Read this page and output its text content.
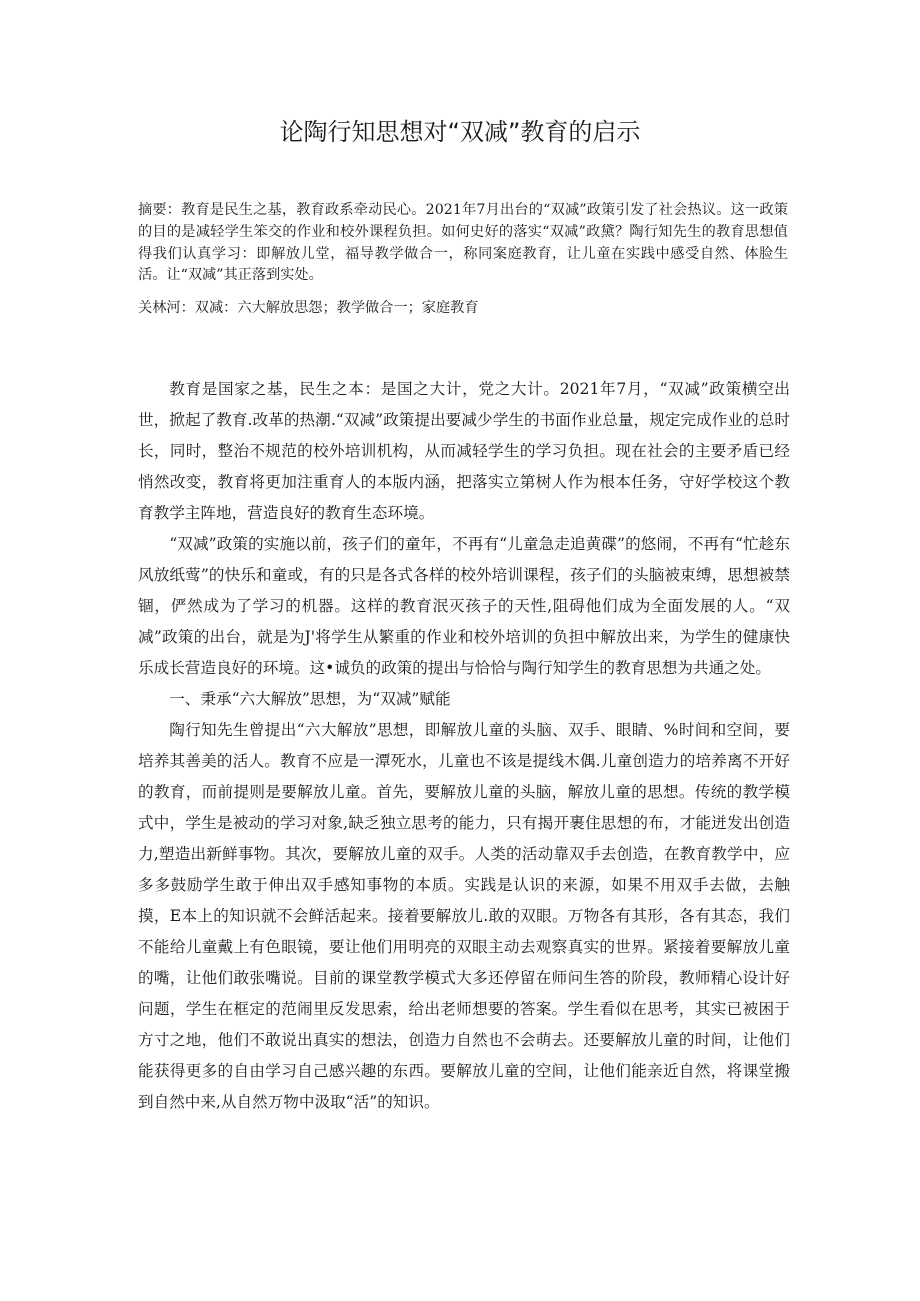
论陶行知思想对“双减”教育的启示

摘要：教育是民生之基，教育政系牵动民心。2021年7月出台的“双减”政策引发了社会热议。这一政策的目的是减轻学生笨交的作业和校外课程负担。如何史好的落实“双减”政黛？陶行知先生的教育思想值得我们认真学习：即解放儿堂，福导教学做合一，称同案庭教育，让儿童在实践中感受自然、体脸生活。让“双减”其正落到实处。

关林河：双减：六大解放思怨；教学做合一；家庭教育

教育是国家之基，民生之本：是国之大计，党之大计。2021年7月，“双减”政策横空出世，掀起了教育.改革的热潮.“双减”政策提出要减少学生的书面作业总量，规定完成作业的总时长，同时，整治不规范的校外培训机构，从而减轻学生的学习负担。现在社会的主要矛盾已经悄然改变，教育将更加注重育人的本版内涵，把落实立第树人作为根本任务，守好学校这个教育教学主阵地，营造良好的教育生态环境。

“双减”政策的实施以前，孩子们的童年，不再有“儿童急走追黄碟”的悠闹，不再有“忙趁东风放纸莺”的快乐和童或，有的只是各式各样的校外培训课程，孩子们的头脑被束缚，思想被禁锢，俨然成为了学习的机器。这样的教育泯灭孩子的天性,阻碍他们成为全面发展的人。“双减”政策的出台，就是为J'将学生从繁重的作业和校外培训的负担中解放出来，为学生的健康快乐成长营造良好的环境。这•诚负的政策的提出与恰恰与陶行知学生的教育思想为共通之处。

一、秉承“六大解放”思想，为“双减”赋能

陶行知先生曾提出“六大解放”思想，即解放儿童的头脑、双手、眼睛、%时间和空间，要培养其善美的活人。教育不应是一潭死水，儿童也不该是提线木偶.儿童创造力的培养离不开好的教育，而前提则是要解放儿童。首先，要解放儿童的头脑，解放儿童的思想。传统的教学模式中，学生是被动的学习对象,缺乏独立思考的能力，只有揭开裹住思想的布，才能迸发出创造力,塑造出新鲜事物。其次，要解放儿童的双手。人类的活动靠双手去创造，在教育教学中，应多多鼓励学生敢于伸出双手感知事物的本质。实践是认识的来源，如果不用双手去做，去触摸，E本上的知识就不会鲜活起来。接着要解放儿.敢的双眼。万物各有其形，各有其态，我们不能给儿童戴上有色眼镜，要让他们用明亮的双眼主动去观察真实的世界。紧接着要解放儿童的嘴，让他们敢张嘴说。目前的课堂教学模式大多还停留在师问生答的阶段，教师精心设计好问题，学生在框定的范闹里反发思索，给出老师想要的答案。学生看似在思考，其实已被困于方寸之地，他们不敢说出真实的想法，创造力自然也不会萌去。还要解放儿童的时间，让他们能获得更多的自由学习自己感兴趣的东西。要解放儿童的空间，让他们能亲近自然，将课堂搬到自然中来,从自然万物中汲取“活”的知识。
